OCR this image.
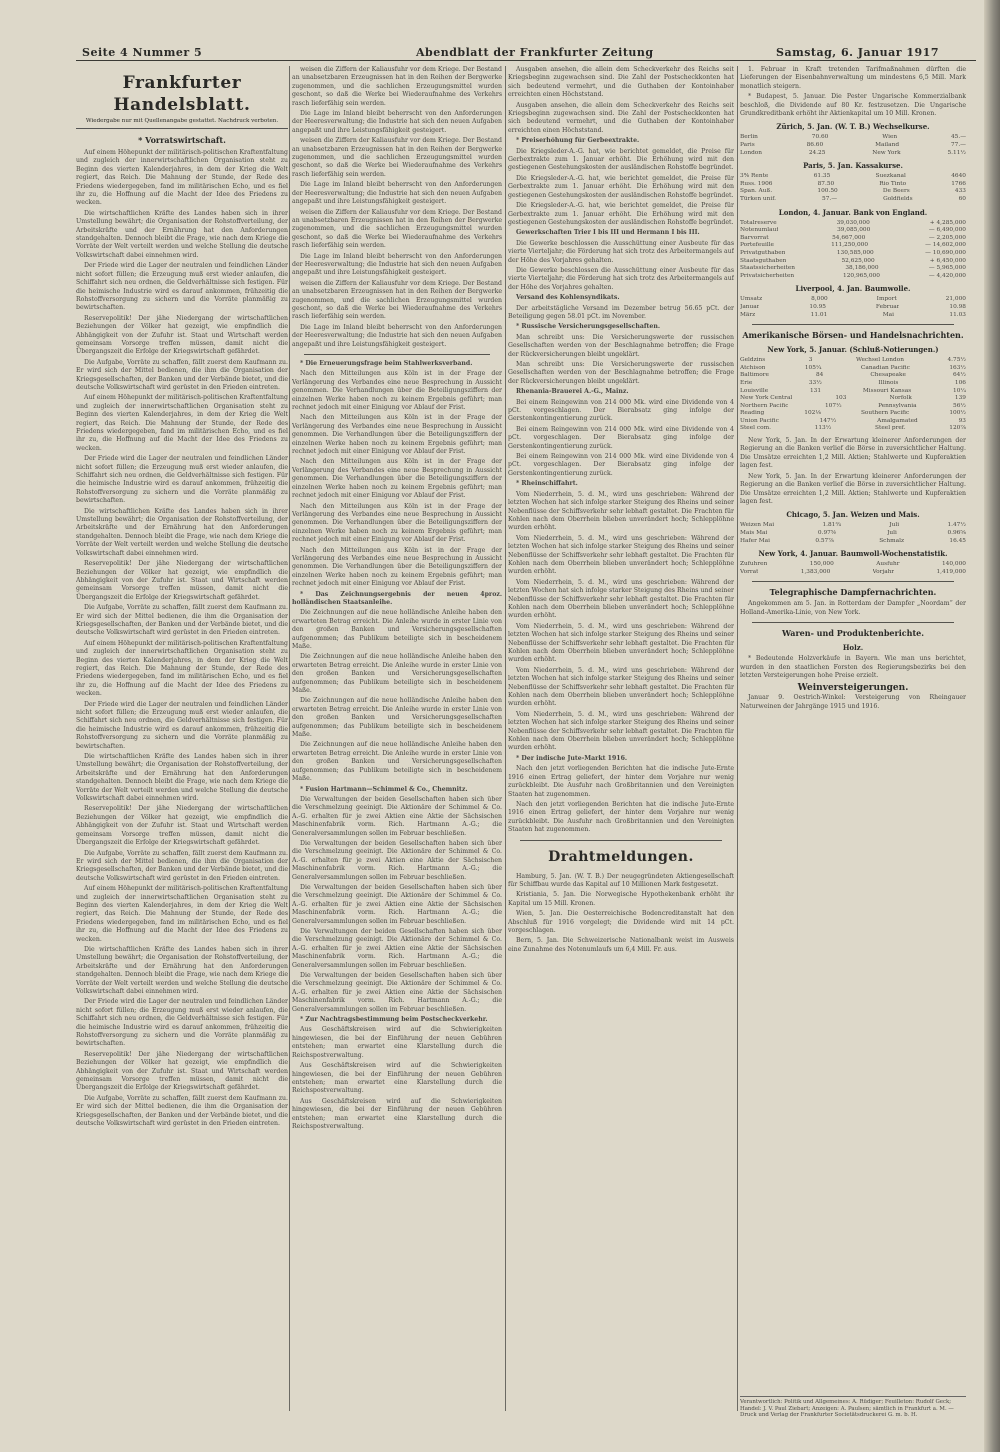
Seite 4 Nummer 5	Abendblatt der Frankfurter Zeitung	Samstag, 6. Januar 1917
Frankfurter Handelsblatt.
Wiedergabe nur mit Quellenangabe gestattet. Nachdruck verboten.
* Vorratswirtschaft.

Auf einem Höhepunkt der militärisch-politischen Kraftentfaltung und zugleich der innerwirtschaftlichen Organisation steht zu Beginn des vierten Kalenderjahres, in dem der Krieg die Welt regiert, das Reich. Die Mahnung der Stunde, der Rede des Friedens wiedergegeben, fand im militärischen Echo, und es fiel ihr zu, die Hoffnung auf die Macht der Idee des Friedens zu wecken.

Die wirtschaftlichen Kräfte des Landes haben sich in ihrer Umstellung bewährt; die Organisation der Rohstoffverteilung, der Arbeitskräfte und der Ernährung hat den Anforderungen standgehalten. Dennoch bleibt die Frage, wie nach dem Kriege die Vorräte der Welt verteilt werden und welche Stellung die deutsche Volkswirtschaft dabei einnehmen wird.

Der Friede wird die Lager der neutralen und feindlichen Länder nicht sofort füllen; die Erzeugung muß erst wieder anlaufen, die Schiffahrt sich neu ordnen, die Geldverhältnisse sich festigen. Für die heimische Industrie wird es darauf ankommen, frühzeitig die Rohstoffversorgung zu sichern und die Vorräte planmäßig zu bewirtschaften.

Reservepolitik! Der jähe Niedergang der wirtschaftlichen Beziehungen der Völker hat gezeigt, wie empfindlich die Abhängigkeit von der Zufuhr ist. Staat und Wirtschaft werden gemeinsam Vorsorge treffen müssen, damit nicht die Übergangszeit die Erfolge der Kriegswirtschaft gefährdet.

Die Aufgabe, Vorräte zu schaffen, fällt zuerst dem Kaufmann zu. Er wird sich der Mittel bedienen, die ihm die Organisation der Kriegsgesellschaften, der Banken und der Verbände bietet, und die deutsche Volkswirtschaft wird gerüstet in den Frieden eintreten.

Auf einem Höhepunkt der militärisch-politischen Kraftentfaltung und zugleich der innerwirtschaftlichen Organisation steht zu Beginn des vierten Kalenderjahres, in dem der Krieg die Welt regiert, das Reich. Die Mahnung der Stunde, der Rede des Friedens wiedergegeben, fand im militärischen Echo, und es fiel ihr zu, die Hoffnung auf die Macht der Idee des Friedens zu wecken.

Der Friede wird die Lager der neutralen und feindlichen Länder nicht sofort füllen; die Erzeugung muß erst wieder anlaufen, die Schiffahrt sich neu ordnen, die Geldverhältnisse sich festigen. Für die heimische Industrie wird es darauf ankommen, frühzeitig die Rohstoffversorgung zu sichern und die Vorräte planmäßig zu bewirtschaften.

Die wirtschaftlichen Kräfte des Landes haben sich in ihrer Umstellung bewährt; die Organisation der Rohstoffverteilung, der Arbeitskräfte und der Ernährung hat den Anforderungen standgehalten. Dennoch bleibt die Frage, wie nach dem Kriege die Vorräte der Welt verteilt werden und welche Stellung die deutsche Volkswirtschaft dabei einnehmen wird.

Reservepolitik! Der jähe Niedergang der wirtschaftlichen Beziehungen der Völker hat gezeigt, wie empfindlich die Abhängigkeit von der Zufuhr ist. Staat und Wirtschaft werden gemeinsam Vorsorge treffen müssen, damit nicht die Übergangszeit die Erfolge der Kriegswirtschaft gefährdet.

Die Aufgabe, Vorräte zu schaffen, fällt zuerst dem Kaufmann zu. Er wird sich der Mittel bedienen, die ihm die Organisation der Kriegsgesellschaften, der Banken und der Verbände bietet, und die deutsche Volkswirtschaft wird gerüstet in den Frieden eintreten.

Auf einem Höhepunkt der militärisch-politischen Kraftentfaltung und zugleich der innerwirtschaftlichen Organisation steht zu Beginn des vierten Kalenderjahres, in dem der Krieg die Welt regiert, das Reich. Die Mahnung der Stunde, der Rede des Friedens wiedergegeben, fand im militärischen Echo, und es fiel ihr zu, die Hoffnung auf die Macht der Idee des Friedens zu wecken.

Der Friede wird die Lager der neutralen und feindlichen Länder nicht sofort füllen; die Erzeugung muß erst wieder anlaufen, die Schiffahrt sich neu ordnen, die Geldverhältnisse sich festigen. Für die heimische Industrie wird es darauf ankommen, frühzeitig die Rohstoffversorgung zu sichern und die Vorräte planmäßig zu bewirtschaften.

Die wirtschaftlichen Kräfte des Landes haben sich in ihrer Umstellung bewährt; die Organisation der Rohstoffverteilung, der Arbeitskräfte und der Ernährung hat den Anforderungen standgehalten. Dennoch bleibt die Frage, wie nach dem Kriege die Vorräte der Welt verteilt werden und welche Stellung die deutsche Volkswirtschaft dabei einnehmen wird.

Reservepolitik! Der jähe Niedergang der wirtschaftlichen Beziehungen der Völker hat gezeigt, wie empfindlich die Abhängigkeit von der Zufuhr ist. Staat und Wirtschaft werden gemeinsam Vorsorge treffen müssen, damit nicht die Übergangszeit die Erfolge der Kriegswirtschaft gefährdet.

Die Aufgabe, Vorräte zu schaffen, fällt zuerst dem Kaufmann zu. Er wird sich der Mittel bedienen, die ihm die Organisation der Kriegsgesellschaften, der Banken und der Verbände bietet, und die deutsche Volkswirtschaft wird gerüstet in den Frieden eintreten.

Auf einem Höhepunkt der militärisch-politischen Kraftentfaltung und zugleich der innerwirtschaftlichen Organisation steht zu Beginn des vierten Kalenderjahres, in dem der Krieg die Welt regiert, das Reich. Die Mahnung der Stunde, der Rede des Friedens wiedergegeben, fand im militärischen Echo, und es fiel ihr zu, die Hoffnung auf die Macht der Idee des Friedens zu wecken.

Die wirtschaftlichen Kräfte des Landes haben sich in ihrer Umstellung bewährt; die Organisation der Rohstoffverteilung, der Arbeitskräfte und der Ernährung hat den Anforderungen standgehalten. Dennoch bleibt die Frage, wie nach dem Kriege die Vorräte der Welt verteilt werden und welche Stellung die deutsche Volkswirtschaft dabei einnehmen wird.

Der Friede wird die Lager der neutralen und feindlichen Länder nicht sofort füllen; die Erzeugung muß erst wieder anlaufen, die Schiffahrt sich neu ordnen, die Geldverhältnisse sich festigen. Für die heimische Industrie wird es darauf ankommen, frühzeitig die Rohstoffversorgung zu sichern und die Vorräte planmäßig zu bewirtschaften.

Reservepolitik! Der jähe Niedergang der wirtschaftlichen Beziehungen der Völker hat gezeigt, wie empfindlich die Abhängigkeit von der Zufuhr ist. Staat und Wirtschaft werden gemeinsam Vorsorge treffen müssen, damit nicht die Übergangszeit die Erfolge der Kriegswirtschaft gefährdet.

Die Aufgabe, Vorräte zu schaffen, fällt zuerst dem Kaufmann zu. Er wird sich der Mittel bedienen, die ihm die Organisation der Kriegsgesellschaften, der Banken und der Verbände bietet, und die deutsche Volkswirtschaft wird gerüstet in den Frieden eintreten.

weisen die Ziffern der Kaliausfuhr vor dem Kriege. Der Bestand an unabsetzbaren Erzeugnissen hat in den Reihen der Bergwerke zugenommen, und die sachlichen Erzeugungsmittel wurden geschont, so daß die Werke bei Wiederaufnahme des Verkehrs rasch lieferfähig sein werden.

Die Lage im Inland bleibt beherrscht von den Anforderungen der Heeresverwaltung; die Industrie hat sich den neuen Aufgaben angepaßt und ihre Leistungsfähigkeit gesteigert.

weisen die Ziffern der Kaliausfuhr vor dem Kriege. Der Bestand an unabsetzbaren Erzeugnissen hat in den Reihen der Bergwerke zugenommen, und die sachlichen Erzeugungsmittel wurden geschont, so daß die Werke bei Wiederaufnahme des Verkehrs rasch lieferfähig sein werden.

Die Lage im Inland bleibt beherrscht von den Anforderungen der Heeresverwaltung; die Industrie hat sich den neuen Aufgaben angepaßt und ihre Leistungsfähigkeit gesteigert.

weisen die Ziffern der Kaliausfuhr vor dem Kriege. Der Bestand an unabsetzbaren Erzeugnissen hat in den Reihen der Bergwerke zugenommen, und die sachlichen Erzeugungsmittel wurden geschont, so daß die Werke bei Wiederaufnahme des Verkehrs rasch lieferfähig sein werden.

Die Lage im Inland bleibt beherrscht von den Anforderungen der Heeresverwaltung; die Industrie hat sich den neuen Aufgaben angepaßt und ihre Leistungsfähigkeit gesteigert.

weisen die Ziffern der Kaliausfuhr vor dem Kriege. Der Bestand an unabsetzbaren Erzeugnissen hat in den Reihen der Bergwerke zugenommen, und die sachlichen Erzeugungsmittel wurden geschont, so daß die Werke bei Wiederaufnahme des Verkehrs rasch lieferfähig sein werden.

Die Lage im Inland bleibt beherrscht von den Anforderungen der Heeresverwaltung; die Industrie hat sich den neuen Aufgaben angepaßt und ihre Leistungsfähigkeit gesteigert.

* Die Erneuerungsfrage beim Stahlwerksverband.

Nach den Mitteilungen aus Köln ist in der Frage der Verlängerung des Verbandes eine neue Besprechung in Aussicht genommen. Die Verhandlungen über die Beteiligungsziffern der einzelnen Werke haben noch zu keinem Ergebnis geführt; man rechnet jedoch mit einer Einigung vor Ablauf der Frist.

Nach den Mitteilungen aus Köln ist in der Frage der Verlängerung des Verbandes eine neue Besprechung in Aussicht genommen. Die Verhandlungen über die Beteiligungsziffern der einzelnen Werke haben noch zu keinem Ergebnis geführt; man rechnet jedoch mit einer Einigung vor Ablauf der Frist.

Nach den Mitteilungen aus Köln ist in der Frage der Verlängerung des Verbandes eine neue Besprechung in Aussicht genommen. Die Verhandlungen über die Beteiligungsziffern der einzelnen Werke haben noch zu keinem Ergebnis geführt; man rechnet jedoch mit einer Einigung vor Ablauf der Frist.

Nach den Mitteilungen aus Köln ist in der Frage der Verlängerung des Verbandes eine neue Besprechung in Aussicht genommen. Die Verhandlungen über die Beteiligungsziffern der einzelnen Werke haben noch zu keinem Ergebnis geführt; man rechnet jedoch mit einer Einigung vor Ablauf der Frist.

Nach den Mitteilungen aus Köln ist in der Frage der Verlängerung des Verbandes eine neue Besprechung in Aussicht genommen. Die Verhandlungen über die Beteiligungsziffern der einzelnen Werke haben noch zu keinem Ergebnis geführt; man rechnet jedoch mit einer Einigung vor Ablauf der Frist.

* Das Zeichnungsergebnis der neuen 4proz. holländischen Staatsanleihe.

Die Zeichnungen auf die neue holländische Anleihe haben den erwarteten Betrag erreicht. Die Anleihe wurde in erster Linie von den großen Banken und Versicherungsgesellschaften aufgenommen; das Publikum beteiligte sich in bescheidenem Maße.

Die Zeichnungen auf die neue holländische Anleihe haben den erwarteten Betrag erreicht. Die Anleihe wurde in erster Linie von den großen Banken und Versicherungsgesellschaften aufgenommen; das Publikum beteiligte sich in bescheidenem Maße.

Die Zeichnungen auf die neue holländische Anleihe haben den erwarteten Betrag erreicht. Die Anleihe wurde in erster Linie von den großen Banken und Versicherungsgesellschaften aufgenommen; das Publikum beteiligte sich in bescheidenem Maße.

Die Zeichnungen auf die neue holländische Anleihe haben den erwarteten Betrag erreicht. Die Anleihe wurde in erster Linie von den großen Banken und Versicherungsgesellschaften aufgenommen; das Publikum beteiligte sich in bescheidenem Maße.

* Fusion Hartmann—Schimmel & Co., Chemnitz.

Die Verwaltungen der beiden Gesellschaften haben sich über die Verschmelzung geeinigt. Die Aktionäre der Schimmel & Co. A.-G. erhalten für je zwei Aktien eine Aktie der Sächsischen Maschinenfabrik vorm. Rich. Hartmann A.-G.; die Generalversammlungen sollen im Februar beschließen.

Die Verwaltungen der beiden Gesellschaften haben sich über die Verschmelzung geeinigt. Die Aktionäre der Schimmel & Co. A.-G. erhalten für je zwei Aktien eine Aktie der Sächsischen Maschinenfabrik vorm. Rich. Hartmann A.-G.; die Generalversammlungen sollen im Februar beschließen.

Die Verwaltungen der beiden Gesellschaften haben sich über die Verschmelzung geeinigt. Die Aktionäre der Schimmel & Co. A.-G. erhalten für je zwei Aktien eine Aktie der Sächsischen Maschinenfabrik vorm. Rich. Hartmann A.-G.; die Generalversammlungen sollen im Februar beschließen.

Die Verwaltungen der beiden Gesellschaften haben sich über die Verschmelzung geeinigt. Die Aktionäre der Schimmel & Co. A.-G. erhalten für je zwei Aktien eine Aktie der Sächsischen Maschinenfabrik vorm. Rich. Hartmann A.-G.; die Generalversammlungen sollen im Februar beschließen.

Die Verwaltungen der beiden Gesellschaften haben sich über die Verschmelzung geeinigt. Die Aktionäre der Schimmel & Co. A.-G. erhalten für je zwei Aktien eine Aktie der Sächsischen Maschinenfabrik vorm. Rich. Hartmann A.-G.; die Generalversammlungen sollen im Februar beschließen.

* Zur Nachtragsbestimmung beim Postscheckverkehr.

Aus Geschäftskreisen wird auf die Schwierigkeiten hingewiesen, die bei der Einführung der neuen Gebühren entstehen; man erwartet eine Klarstellung durch die Reichspostverwaltung.

Aus Geschäftskreisen wird auf die Schwierigkeiten hingewiesen, die bei der Einführung der neuen Gebühren entstehen; man erwartet eine Klarstellung durch die Reichspostverwaltung.

Aus Geschäftskreisen wird auf die Schwierigkeiten hingewiesen, die bei der Einführung der neuen Gebühren entstehen; man erwartet eine Klarstellung durch die Reichspostverwaltung.

Ausgaben ansehen, die allein dem Scheckverkehr des Reichs seit Kriegsbeginn zugewachsen sind. Die Zahl der Postscheckkonten hat sich bedeutend vermehrt, und die Guthaben der Kontoinhaber erreichten einen Höchststand.

Ausgaben ansehen, die allein dem Scheckverkehr des Reichs seit Kriegsbeginn zugewachsen sind. Die Zahl der Postscheckkonten hat sich bedeutend vermehrt, und die Guthaben der Kontoinhaber erreichten einen Höchststand.

* Preiserhöhung für Gerbeextrakte.

Die Kriegsleder-A.-G. hat, wie berichtet gemeldet, die Preise für Gerbextrakte zum 1. Januar erhöht. Die Erhöhung wird mit den gestiegenen Gestehungskosten der ausländischen Rohstoffe begründet.

Die Kriegsleder-A.-G. hat, wie berichtet gemeldet, die Preise für Gerbextrakte zum 1. Januar erhöht. Die Erhöhung wird mit den gestiegenen Gestehungskosten der ausländischen Rohstoffe begründet.

Die Kriegsleder-A.-G. hat, wie berichtet gemeldet, die Preise für Gerbextrakte zum 1. Januar erhöht. Die Erhöhung wird mit den gestiegenen Gestehungskosten der ausländischen Rohstoffe begründet.

Gewerkschaften Trier I bis III und Hermann I bis III.

Die Gewerke beschlossen die Ausschüttung einer Ausbeute für das vierte Vierteljahr; die Förderung hat sich trotz des Arbeitermangels auf der Höhe des Vorjahres gehalten.

Die Gewerke beschlossen die Ausschüttung einer Ausbeute für das vierte Vierteljahr; die Förderung hat sich trotz des Arbeitermangels auf der Höhe des Vorjahres gehalten.

Versand des Kohlensyndikats.

Der arbeitstägliche Versand im Dezember betrug 56.65 pCt. der Beteiligung gegen 58.01 pCt. im November.

* Russische Versicherungsgesellschaften.

Man schreibt uns: Die Versicherungswerte der russischen Gesellschaften werden von der Beschlagnahme betroffen; die Frage der Rückversicherungen bleibt ungeklärt.

Man schreibt uns: Die Versicherungswerte der russischen Gesellschaften werden von der Beschlagnahme betroffen; die Frage der Rückversicherungen bleibt ungeklärt.

Rhenania-Brauerei A.-G., Mainz.

Bei einem Reingewinn von 214 000 Mk. wird eine Dividende von 4 pCt. vorgeschlagen. Der Bierabsatz ging infolge der Gerstenkontingentierung zurück.

Bei einem Reingewinn von 214 000 Mk. wird eine Dividende von 4 pCt. vorgeschlagen. Der Bierabsatz ging infolge der Gerstenkontingentierung zurück.

Bei einem Reingewinn von 214 000 Mk. wird eine Dividende von 4 pCt. vorgeschlagen. Der Bierabsatz ging infolge der Gerstenkontingentierung zurück.

* Rheinschiffahrt.

Vom Niederrhein, 5. d. M., wird uns geschrieben: Während der letzten Wochen hat sich infolge starker Steigung des Rheins und seiner Nebenflüsse der Schiffsverkehr sehr lebhaft gestaltet. Die Frachten für Kohlen nach dem Oberrhein blieben unverändert hoch; Schlepplöhne wurden erhöht.

Vom Niederrhein, 5. d. M., wird uns geschrieben: Während der letzten Wochen hat sich infolge starker Steigung des Rheins und seiner Nebenflüsse der Schiffsverkehr sehr lebhaft gestaltet. Die Frachten für Kohlen nach dem Oberrhein blieben unverändert hoch; Schlepplöhne wurden erhöht.

Vom Niederrhein, 5. d. M., wird uns geschrieben: Während der letzten Wochen hat sich infolge starker Steigung des Rheins und seiner Nebenflüsse der Schiffsverkehr sehr lebhaft gestaltet. Die Frachten für Kohlen nach dem Oberrhein blieben unverändert hoch; Schlepplöhne wurden erhöht.

Vom Niederrhein, 5. d. M., wird uns geschrieben: Während der letzten Wochen hat sich infolge starker Steigung des Rheins und seiner Nebenflüsse der Schiffsverkehr sehr lebhaft gestaltet. Die Frachten für Kohlen nach dem Oberrhein blieben unverändert hoch; Schlepplöhne wurden erhöht.

Vom Niederrhein, 5. d. M., wird uns geschrieben: Während der letzten Wochen hat sich infolge starker Steigung des Rheins und seiner Nebenflüsse der Schiffsverkehr sehr lebhaft gestaltet. Die Frachten für Kohlen nach dem Oberrhein blieben unverändert hoch; Schlepplöhne wurden erhöht.

Vom Niederrhein, 5. d. M., wird uns geschrieben: Während der letzten Wochen hat sich infolge starker Steigung des Rheins und seiner Nebenflüsse der Schiffsverkehr sehr lebhaft gestaltet. Die Frachten für Kohlen nach dem Oberrhein blieben unverändert hoch; Schlepplöhne wurden erhöht.

* Der indische Jute-Markt 1916.

Nach den jetzt vorliegenden Berichten hat die indische Jute-Ernte 1916 einen Ertrag geliefert, der hinter dem Vorjahre nur wenig zurückbleibt. Die Ausfuhr nach Großbritannien und den Vereinigten Staaten hat zugenommen.

Nach den jetzt vorliegenden Berichten hat die indische Jute-Ernte 1916 einen Ertrag geliefert, der hinter dem Vorjahre nur wenig zurückbleibt. Die Ausfuhr nach Großbritannien und den Vereinigten Staaten hat zugenommen.

Drahtmeldungen.

Hamburg, 5. Jan. (W. T. B.) Der neugegründeten Aktiengesellschaft für Schiffbau wurde das Kapital auf 10 Millionen Mark festgesetzt.

Kristiania, 5. Jan. Die Norwegische Hypothekenbank erhöht ihr Kapital um 15 Mill. Kronen.

Wien, 5. Jan. Die Oesterreichische Bodencreditanstalt hat den Abschluß für 1916 vorgelegt; die Dividende wird mit 14 pCt. vorgeschlagen.

Bern, 5. Jan. Die Schweizerische Nationalbank weist im Ausweis eine Zunahme des Notenumlaufs um 6,4 Mill. Fr. aus.

1. Februar in Kraft tretenden Tarifmaßnahmen dürften die Lieferungen der Eisenbahnverwaltung um mindestens 6,5 Mill. Mark monatlich steigern.

* Budapest, 5. Januar. Die Pester Ungarische Kommerzialbank beschloß, die Dividende auf 80 Kr. festzusetzen. Die Ungarische Grundkreditbank erhöht ihr Aktienkapital um 10 Mill. Kronen.

Zürich, 5. Jan. (W. T. B.) Wechselkurse.
Berlin	70.60	Wien	45.—
Paris	86.60	Mailand	77.—
London	24.25	New York	5.11½
Paris, 5. Jan. Kassakurse.
3% Rente	61.35	Suezkanal	4640
Russ. 1906	87.50	Rio Tinto	1766
Span. Äuß.	100.50	De Beers	433
Türken unif.	57.—	Goldfields	60
London, 4. Januar. Bank von England.
Totalreserve	39,030,000	+ 4,285,000
Notenumlauf	39,085,000	— 6,490,000
Barvorrat	54,667,000	— 2,205,000
Portefeuille	111,250,000	— 14,602,000
Privatguthaben	130,585,000	— 10,690,000
Staatsguthaben	52,625,000	+ 6,450,000
Staatssicherheiten	38,186,000	— 5,965,000
Privatsicherheiten	120,965,000	— 4,420,000
Liverpool, 4. Jan. Baumwolle.
Umsatz	8,000	Import	21,000
Januar	10.95	Februar	10.98
März	11.01	Mai	11.03
Amerikanische Börsen- und Handelsnachrichten.
New York, 5. Januar. (Schluß-Notierungen.)
Geldzins	3	Wechsel London	4.75½
Atchison	105¼	Canadian Pacific	163½
Baltimore	84	Chesapeake	64½
Erie	33½	Illinois	106
Louisville	131	Missouri Kansas	10¼
New York Central	103	Norfolk	139
Northern Pacific	107½	Pennsylvania	56½
Reading	102⅛	Southern Pacific	100½
Union Pacific	147½	Amalgamated	93
Steel com.	113½	Steel pref.	120⅞

New York, 5. Jan. In der Erwartung kleinerer Anforderungen der Regierung an die Banken verlief die Börse in zuversichtlicher Haltung. Die Umsätze erreichten 1,2 Mill. Aktien; Stahlwerte und Kupferaktien lagen fest.

New York, 5. Jan. In der Erwartung kleinerer Anforderungen der Regierung an die Banken verlief die Börse in zuversichtlicher Haltung. Die Umsätze erreichten 1,2 Mill. Aktien; Stahlwerte und Kupferaktien lagen fest.

Chicago, 5. Jan. Weizen und Mais.
Weizen Mai	1.81¾	Juli	1.47½
Mais Mai	0.97⅝	Juli	0.96⅝
Hafer Mai	0.57⅞	Schmalz	16.45
New York, 4. Januar. Baumwoll-Wochenstatistik.
Zufuhren	150,000	Ausfuhr	140,000
Vorrat	1,383,000	Vorjahr	1,419,000
Telegraphische Dampfernachrichten.

Angekommen am 5. Jan. in Rotterdam der Dampfer „Noordam“ der Holland-Amerika-Linie, von New York.

Waren- und Produktenberichte.
Holz.

* Bedeutende Holzverkäufe in Bayern. Wie man uns berichtet, wurden in den staatlichen Forsten des Regierungsbezirks bei den letzten Versteigerungen hohe Preise erzielt.

Weinversteigerungen.

Januar 9. Oestrich-Winkel: Versteigerung von Rheingauer Naturweinen der Jahrgänge 1915 und 1916.

Verantwortlich: Politik und Allgemeines: A. Rüdiger; Feuilleton: Rudolf Geck; Handel: J. V. Paul Ziebart; Anzeigen: A. Paulsen; sämtlich in Frankfurt a. M. — Druck und Verlag der Frankfurter Societätsdruckerei G. m. b. H.
